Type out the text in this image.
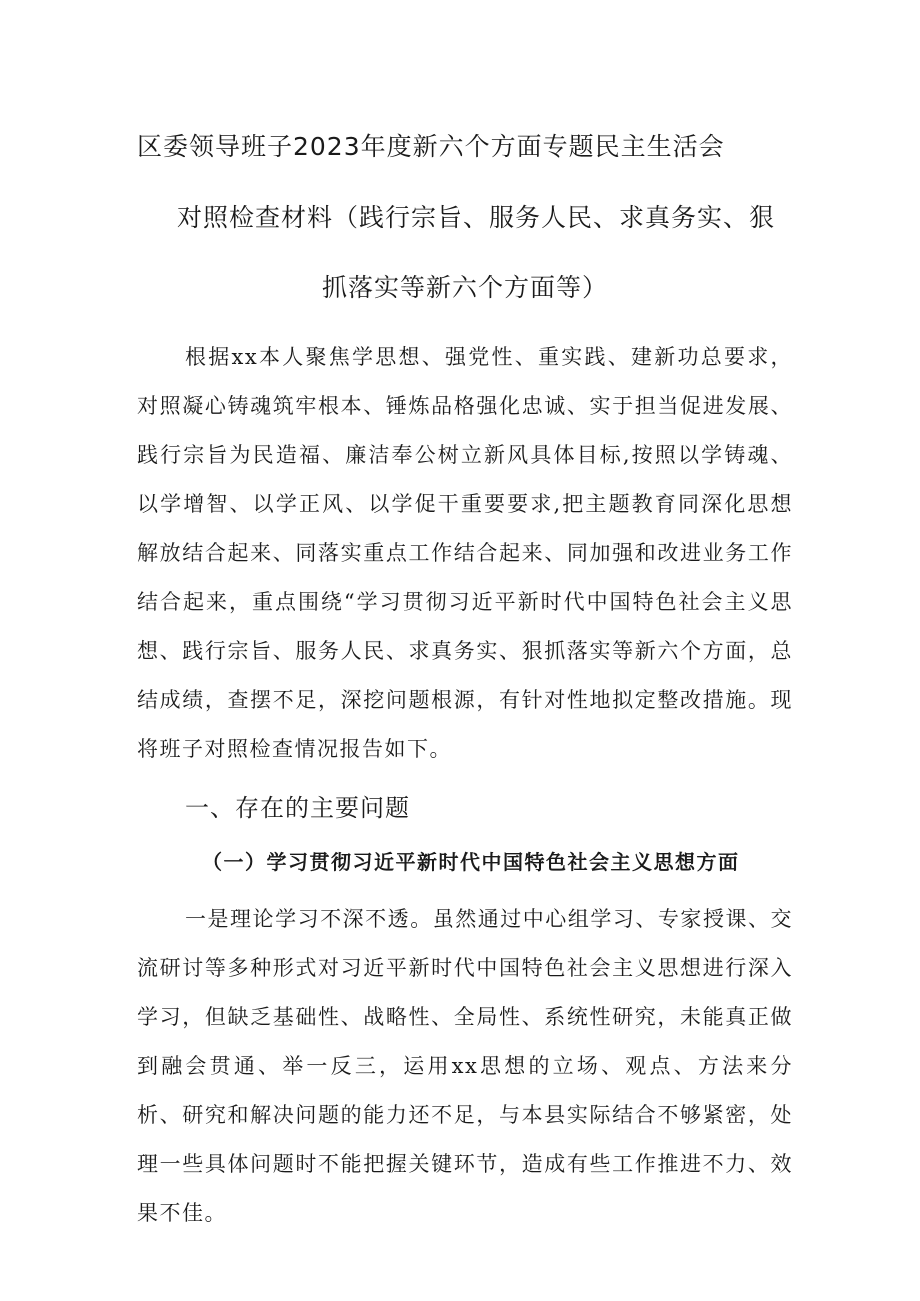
区委领导班子2023年度新六个方面专题民主生活会
对照检查材料（践行宗旨、服务人民、求真务实、狠
抓落实等新六个方面等）

根据xx本人聚焦学思想、强党性、重实践、建新功总要求，对照凝心铸魂筑牢根本、锤炼品格强化忠诚、实于担当促进发展、践行宗旨为民造福、廉洁奉公树立新风具体目标,按照以学铸魂、以学增智、以学正风、以学促干重要要求,把主题教育同深化思想解放结合起来、同落实重点工作结合起来、同加强和改进业务工作结合起来，重点围绕“学习贯彻习近平新时代中国特色社会主义思想、践行宗旨、服务人民、求真务实、狠抓落实等新六个方面，总结成绩，查摆不足，深挖问题根源，有针对性地拟定整改措施。现将班子对照检查情况报告如下。

一、存在的主要问题
（一）学习贯彻习近平新时代中国特色社会主义思想方面

一是理论学习不深不透。虽然通过中心组学习、专家授课、交流研讨等多种形式对习近平新时代中国特色社会主义思想进行深入学习，但缺乏基础性、战略性、全局性、系统性研究，未能真正做到融会贯通、举一反三，运用xx思想的立场、观点、方法来分析、研究和解决问题的能力还不足，与本县实际结合不够紧密，处理一些具体问题时不能把握关键环节，造成有些工作推进不力、效果不佳。
